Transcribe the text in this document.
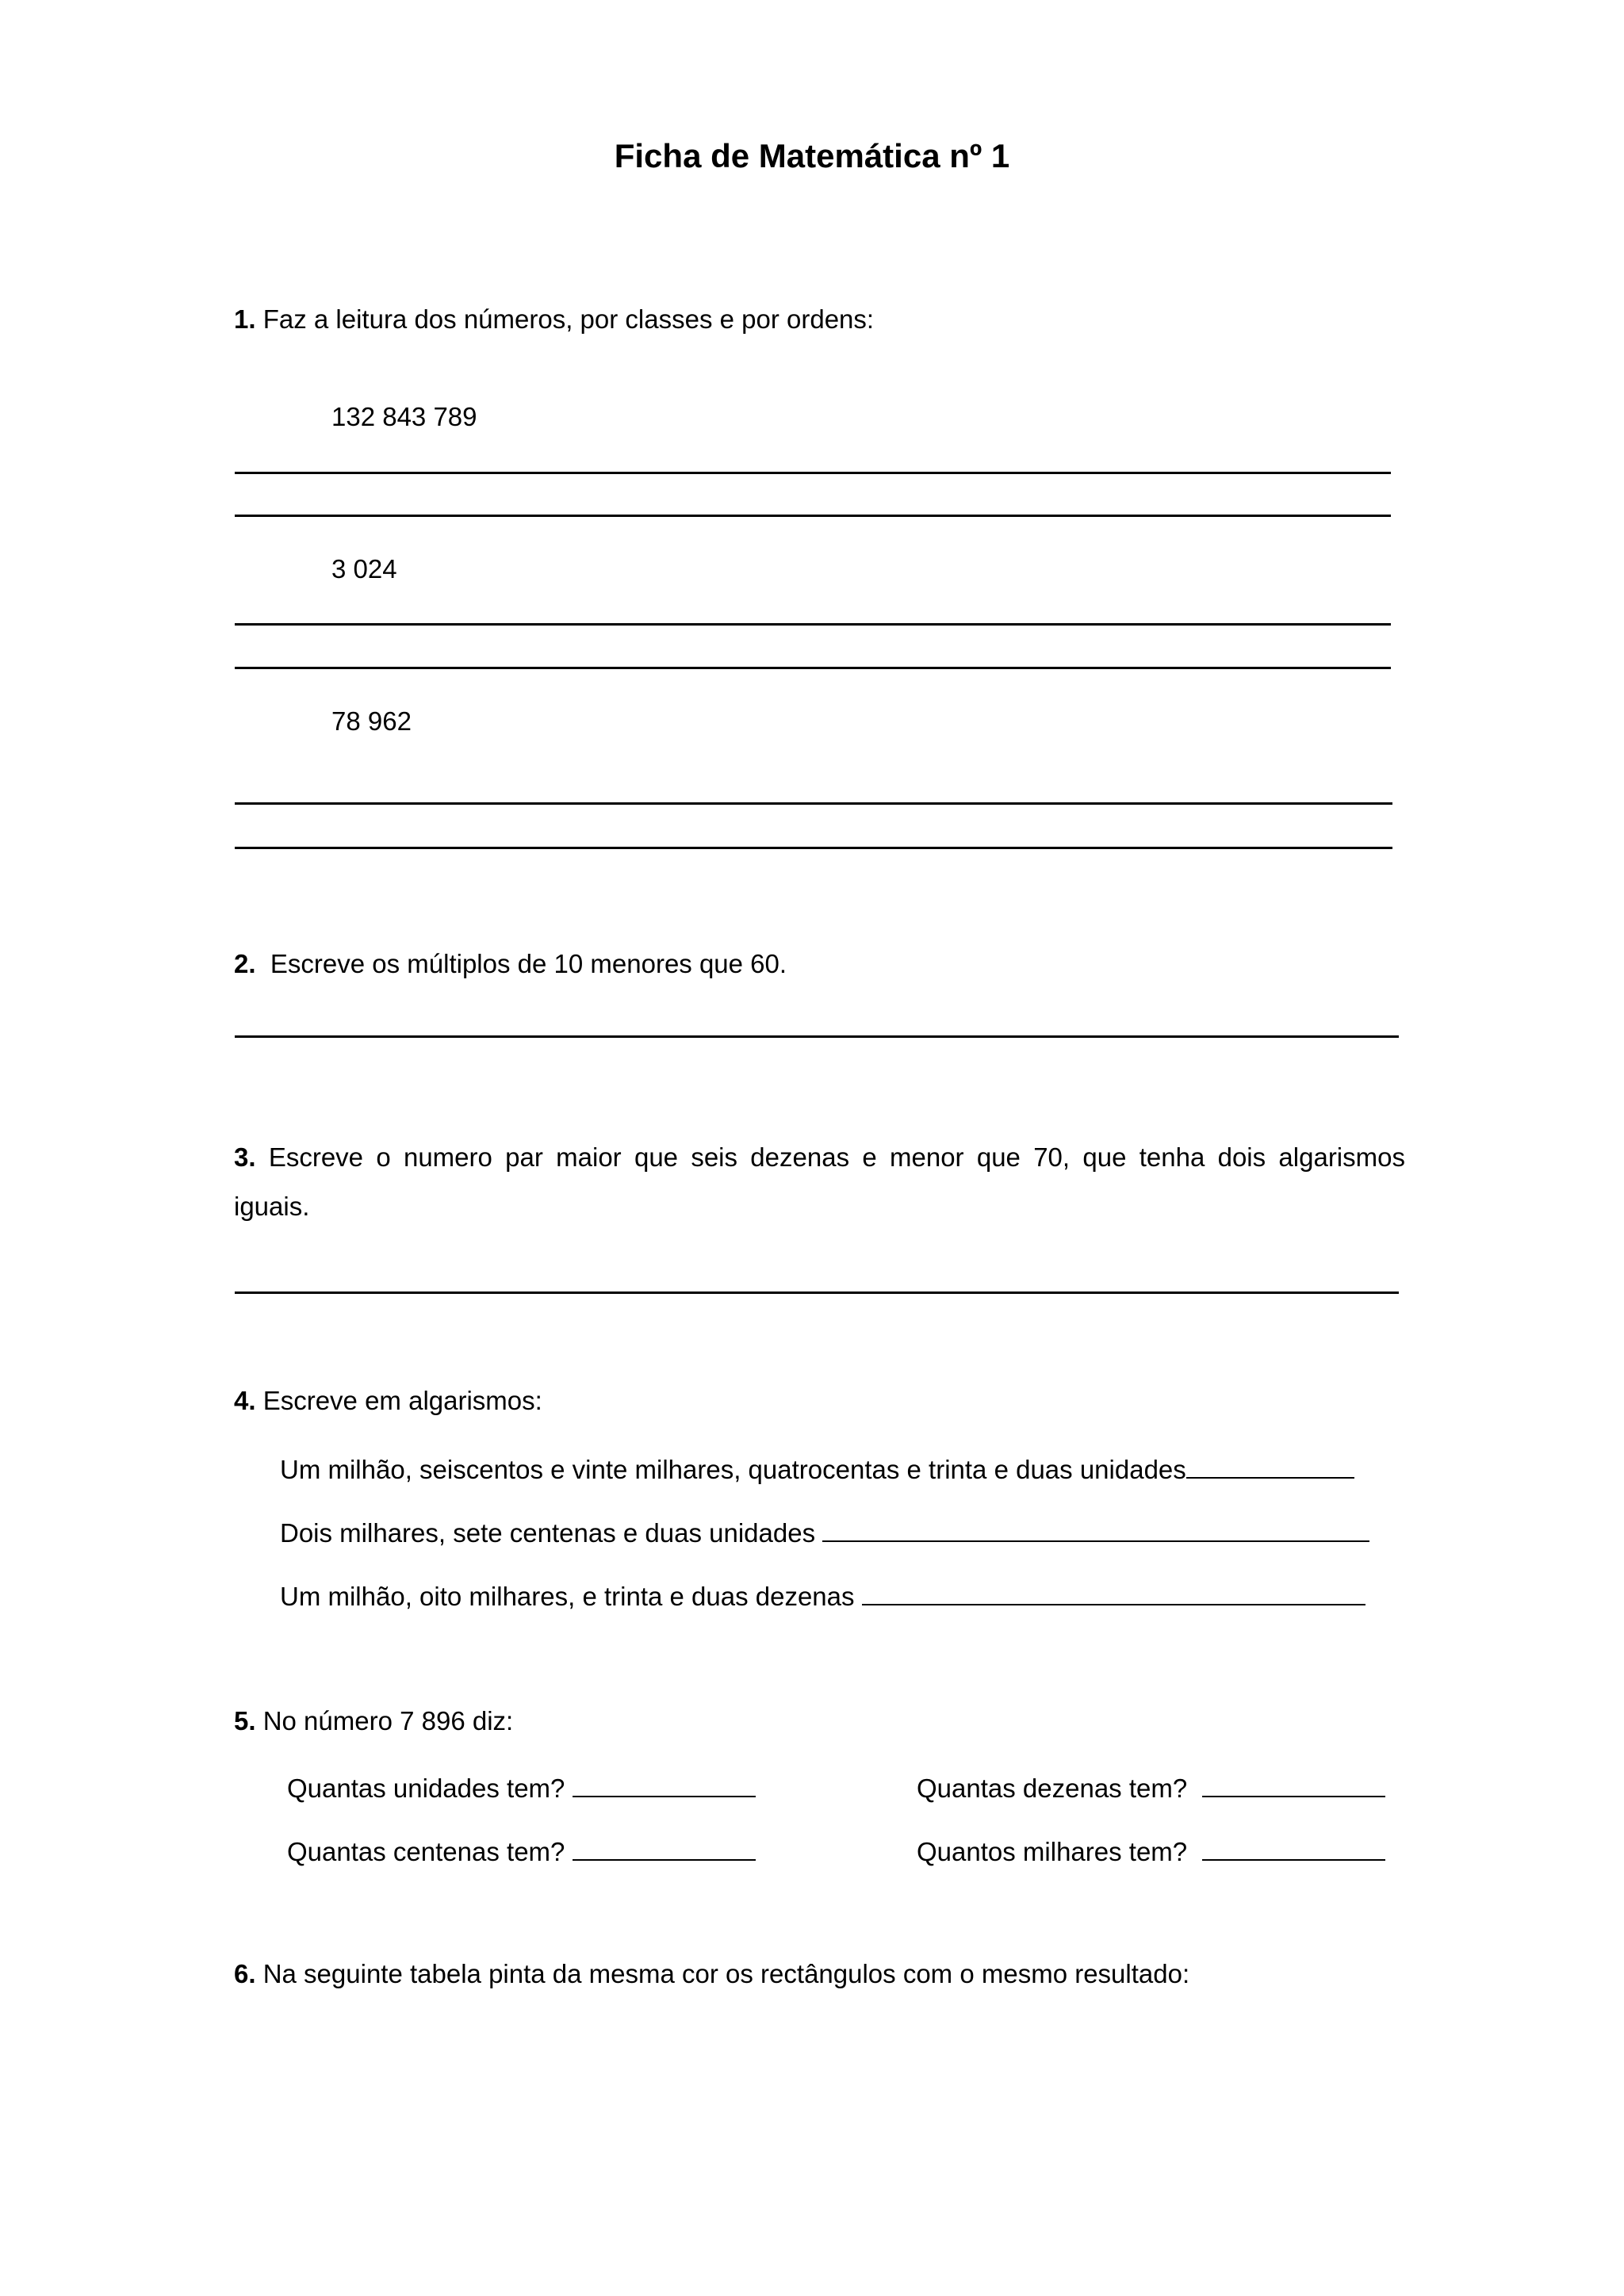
Ficha de Matemática nº 1
1. Faz a leitura dos números, por classes e por ordens:
132 843 789
3 024
78 962
2. Escreve os múltiplos de 10 menores que 60.
3. Escreve o numero par maior que seis dezenas e menor que 70, que tenha dois algarismos
iguais.
4. Escreve em algarismos:
Um milhão, seiscentos e vinte milhares, quatrocentas e trinta e duas unidades
Dois milhares, sete centenas e duas unidades
Um milhão, oito milhares, e trinta e duas dezenas
5. No número 7 896 diz:
Quantas unidades tem?	Quantas dezenas tem?
Quantas centenas tem?	Quantos milhares tem?
6. Na seguinte tabela pinta da mesma cor os rectângulos com o mesmo resultado:
